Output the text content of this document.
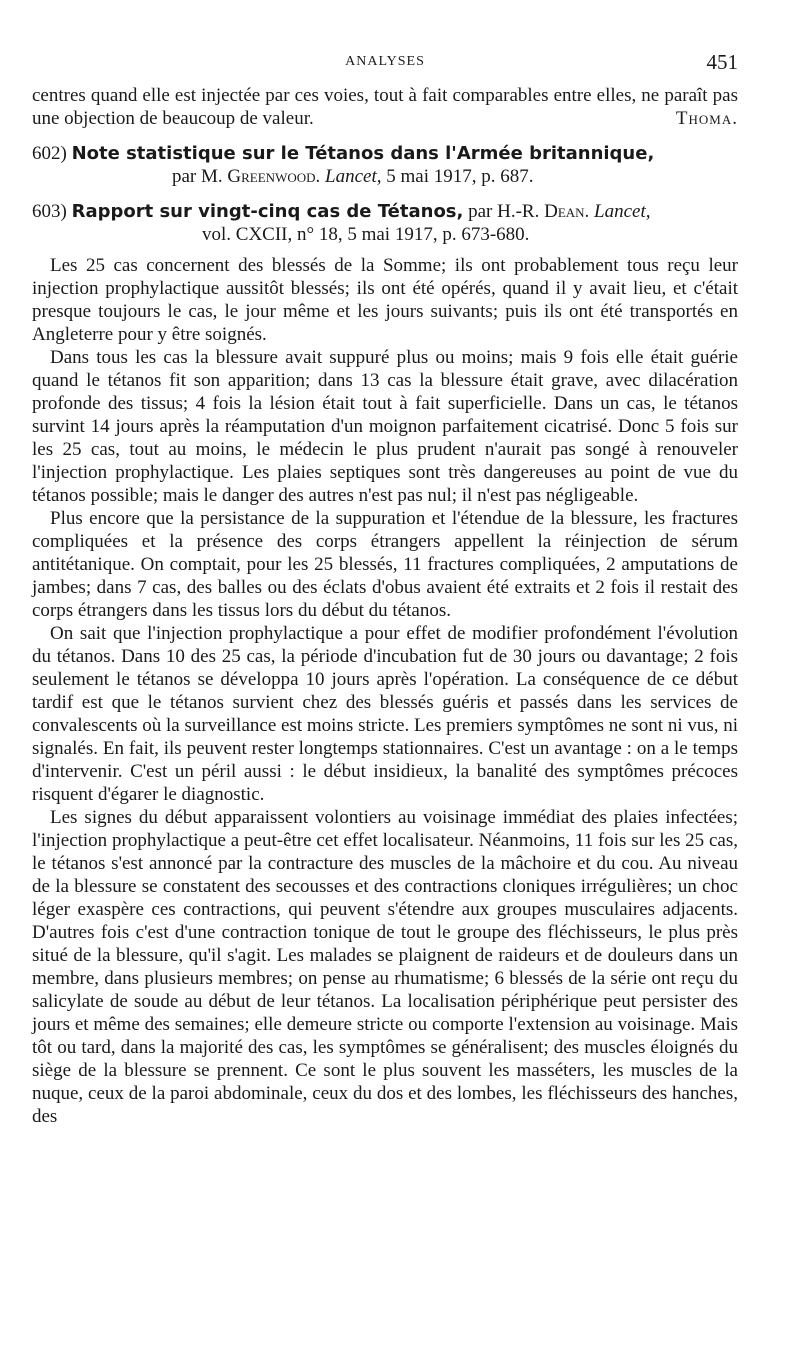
ANALYSES	451

centres quand elle est injectée par ces voies, tout à fait comparables entre elles, ne paraît pas une objection de beaucoup de valeur.	Thoma.

602) Note statistique sur le Tétanos dans l'Armée britannique,
par M. Greenwood. Lancet, 5 mai 1917, p. 687.
603) Rapport sur vingt-cinq cas de Tétanos, par H.-R. Dean. Lancet,
vol. CXCII, n° 18, 5 mai 1917, p. 673-680.

Les 25 cas concernent des blessés de la Somme; ils ont probablement tous reçu leur injection prophylactique aussitôt blessés; ils ont été opérés, quand il y avait lieu, et c'était presque toujours le cas, le jour même et les jours suivants; puis ils ont été transportés en Angleterre pour y être soignés.

Dans tous les cas la blessure avait suppuré plus ou moins; mais 9 fois elle était guérie quand le tétanos fit son apparition; dans 13 cas la blessure était grave, avec dilacération profonde des tissus; 4 fois la lésion était tout à fait superficielle. Dans un cas, le tétanos survint 14 jours après la réamputation d'un moignon parfaitement cicatrisé. Donc 5 fois sur les 25 cas, tout au moins, le médecin le plus prudent n'aurait pas songé à renouveler l'injection prophylactique. Les plaies septiques sont très dangereuses au point de vue du tétanos possible; mais le danger des autres n'est pas nul; il n'est pas négligeable.

Plus encore que la persistance de la suppuration et l'étendue de la blessure, les fractures compliquées et la présence des corps étrangers appellent la réinjection de sérum antitétanique. On comptait, pour les 25 blessés, 11 fractures compliquées, 2 amputations de jambes; dans 7 cas, des balles ou des éclats d'obus avaient été extraits et 2 fois il restait des corps étrangers dans les tissus lors du début du tétanos.

On sait que l'injection prophylactique a pour effet de modifier profondément l'évolution du tétanos. Dans 10 des 25 cas, la période d'incubation fut de 30 jours ou davantage; 2 fois seulement le tétanos se développa 10 jours après l'opération. La conséquence de ce début tardif est que le tétanos survient chez des blessés guéris et passés dans les services de convalescents où la surveillance est moins stricte. Les premiers symptômes ne sont ni vus, ni signalés. En fait, ils peuvent rester longtemps stationnaires. C'est un avantage : on a le temps d'intervenir. C'est un péril aussi : le début insidieux, la banalité des symptômes précoces risquent d'égarer le diagnostic.

Les signes du début apparaissent volontiers au voisinage immédiat des plaies infectées; l'injection prophylactique a peut-être cet effet localisateur. Néanmoins, 11 fois sur les 25 cas, le tétanos s'est annoncé par la contracture des muscles de la mâchoire et du cou. Au niveau de la blessure se constatent des secousses et des contractions cloniques irrégulières; un choc léger exaspère ces contractions, qui peuvent s'étendre aux groupes musculaires adjacents. D'autres fois c'est d'une contraction tonique de tout le groupe des fléchisseurs, le plus près situé de la blessure, qu'il s'agit. Les malades se plaignent de raideurs et de douleurs dans un membre, dans plusieurs membres; on pense au rhumatisme; 6 blessés de la série ont reçu du salicylate de soude au début de leur tétanos. La localisation périphérique peut persister des jours et même des semaines; elle demeure stricte ou comporte l'extension au voisinage. Mais tôt ou tard, dans la majorité des cas, les symptômes se généralisent; des muscles éloignés du siège de la blessure se prennent. Ce sont le plus souvent les masséters, les muscles de la nuque, ceux de la paroi abdominale, ceux du dos et des lombes, les fléchisseurs des hanches, des
